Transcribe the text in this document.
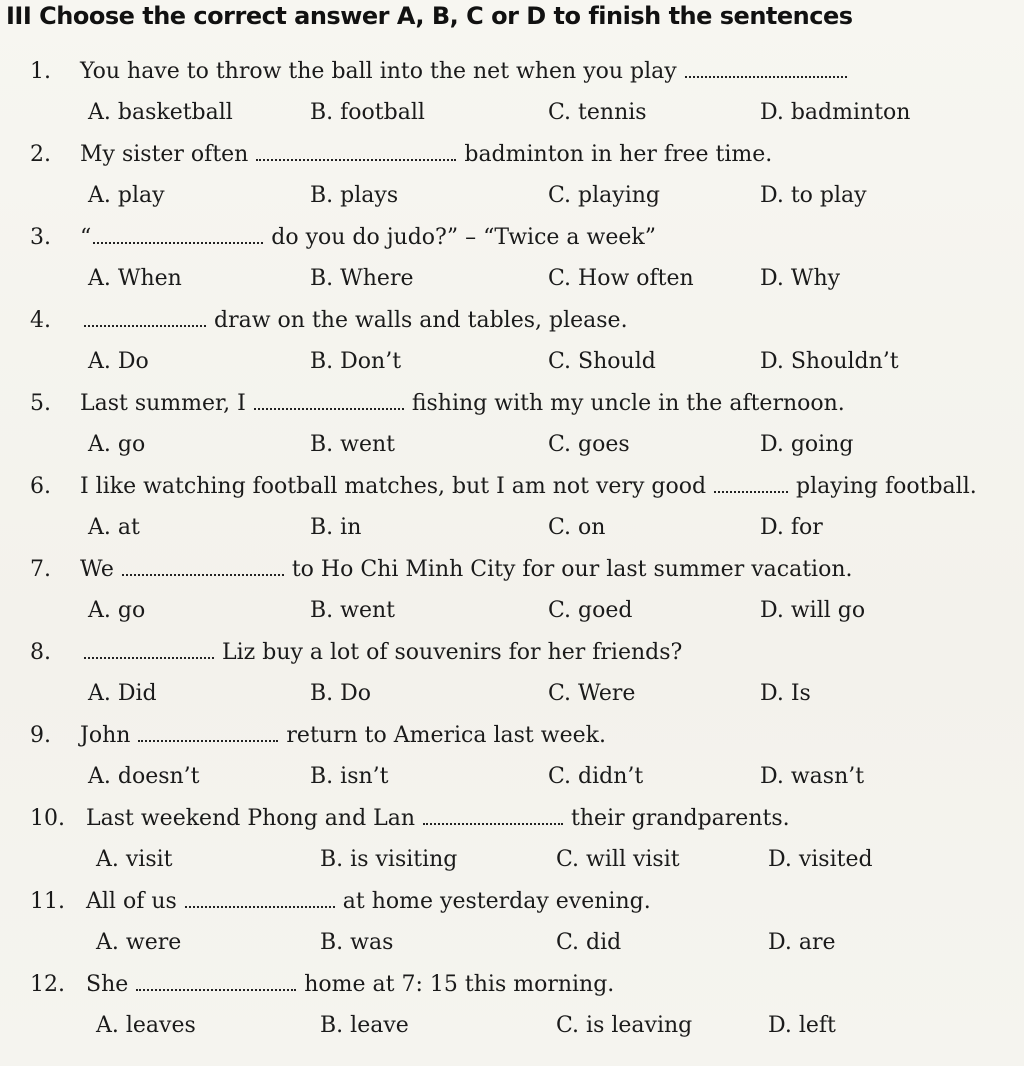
III Choose the correct answer A, B, C or D to finish the sentences
1.	You have to throw the ball into the net when you play
A. basketball	B. football	C. tennis	D. badminton
2.	My sister often	badminton in her free time.
A. play	B. plays	C. playing	D. to play
3.	“	do you do judo?” – “Twice a week”
A. When	B. Where	C. How often	D. Why
4.	draw on the walls and tables, please.
A. Do	B. Don’t	C. Should	D. Shouldn’t
5.	Last summer, I	fishing with my uncle in the afternoon.
A. go	B. went	C. goes	D. going
6.	I like watching football matches, but I am not very good	playing football.
A. at	B. in	C. on	D. for
7.	We	to Ho Chi Minh City for our last summer vacation.
A. go	B. went	C. goed	D. will go
8.	Liz buy a lot of souvenirs for her friends?
A. Did	B. Do	C. Were	D. Is
9.	John	return to America last week.
A. doesn’t	B. isn’t	C. didn’t	D. wasn’t
10. Last weekend Phong and Lan	their grandparents.
A. visit	B. is visiting	C. will visit	D. visited
11. All of us	at home yesterday evening.
A. were	B. was	C. did	D. are
12. She	home at 7: 15 this morning.
A. leaves	B. leave	C. is leaving	D. left
